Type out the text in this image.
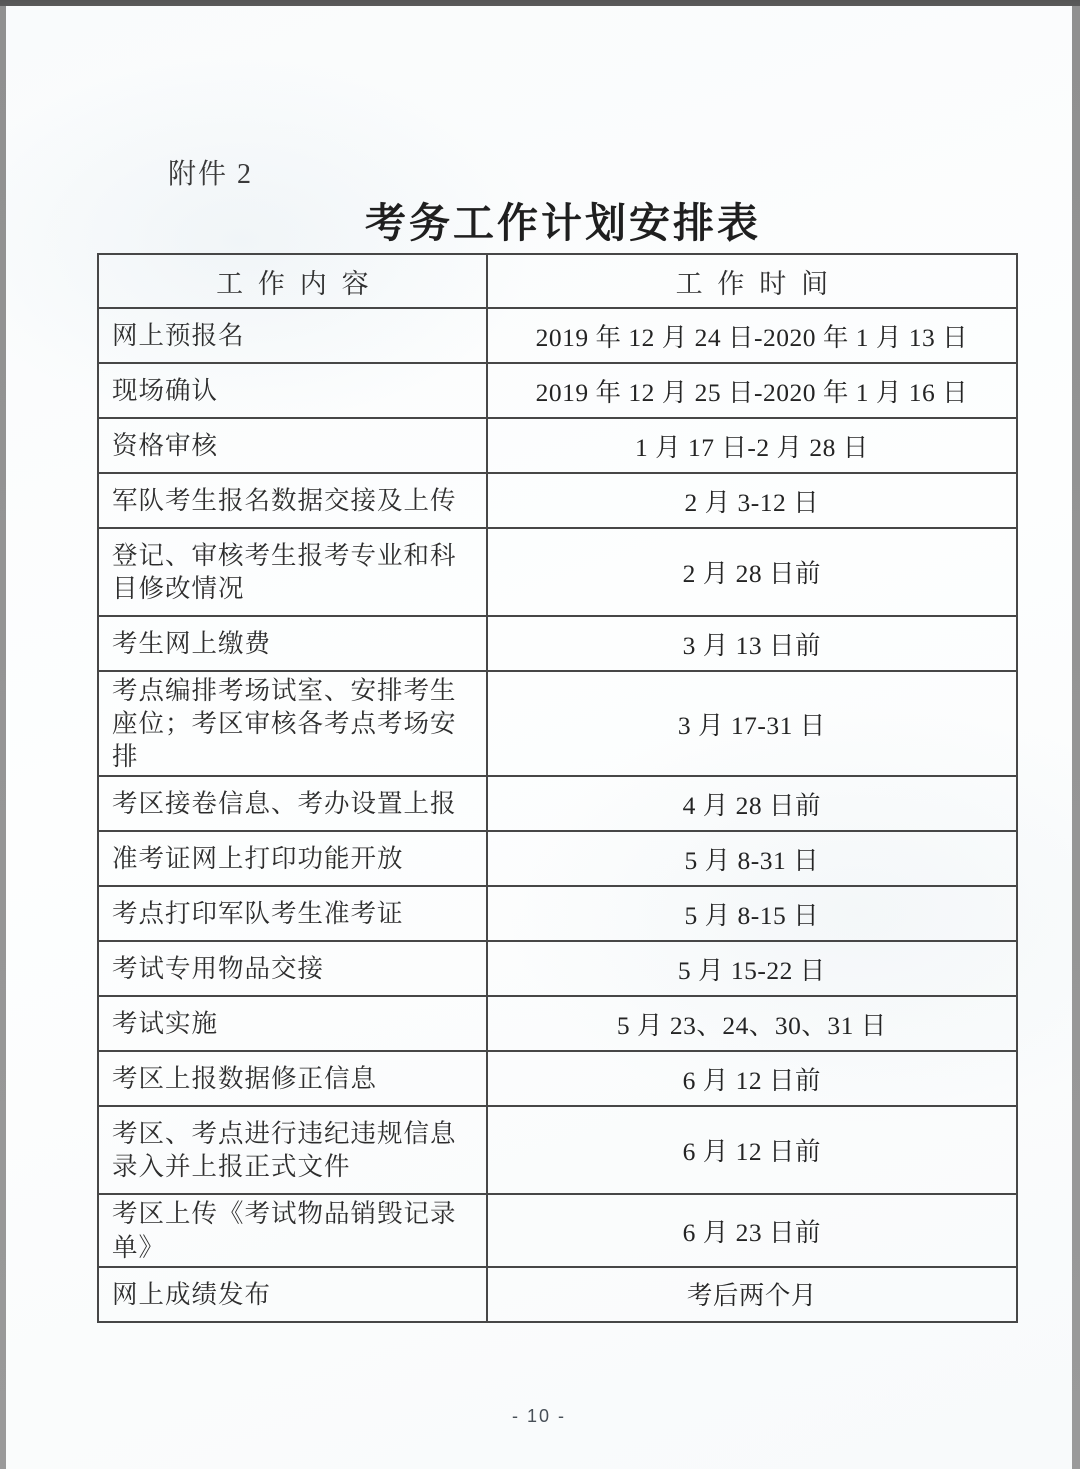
附件 2
考务工作计划安排表
工作内容	工作时间
网上预报名	2019 年 12 月 24 日-2020 年 1 月 13 日
现场确认	2019 年 12 月 25 日-2020 年 1 月 16 日
资格审核	1 月 17 日-2 月 28 日
军队考生报名数据交接及上传	2 月 3-12 日
登记、审核考生报考专业和科目修改情况	2 月 28 日前
考生网上缴费	3 月 13 日前
考点编排考场试室、安排考生座位；考区审核各考点考场安排	3 月 17-31 日
考区接卷信息、考办设置上报	4 月 28 日前
准考证网上打印功能开放	5 月 8-31 日
考点打印军队考生准考证	5 月 8-15 日
考试专用物品交接	5 月 15-22 日
考试实施	5 月 23、24、30、31 日
考区上报数据修正信息	6 月 12 日前
考区、考点进行违纪违规信息录入并上报正式文件	6 月 12 日前
考区上传《考试物品销毁记录单》	6 月 23 日前
网上成绩发布	考后两个月
- 10 -
